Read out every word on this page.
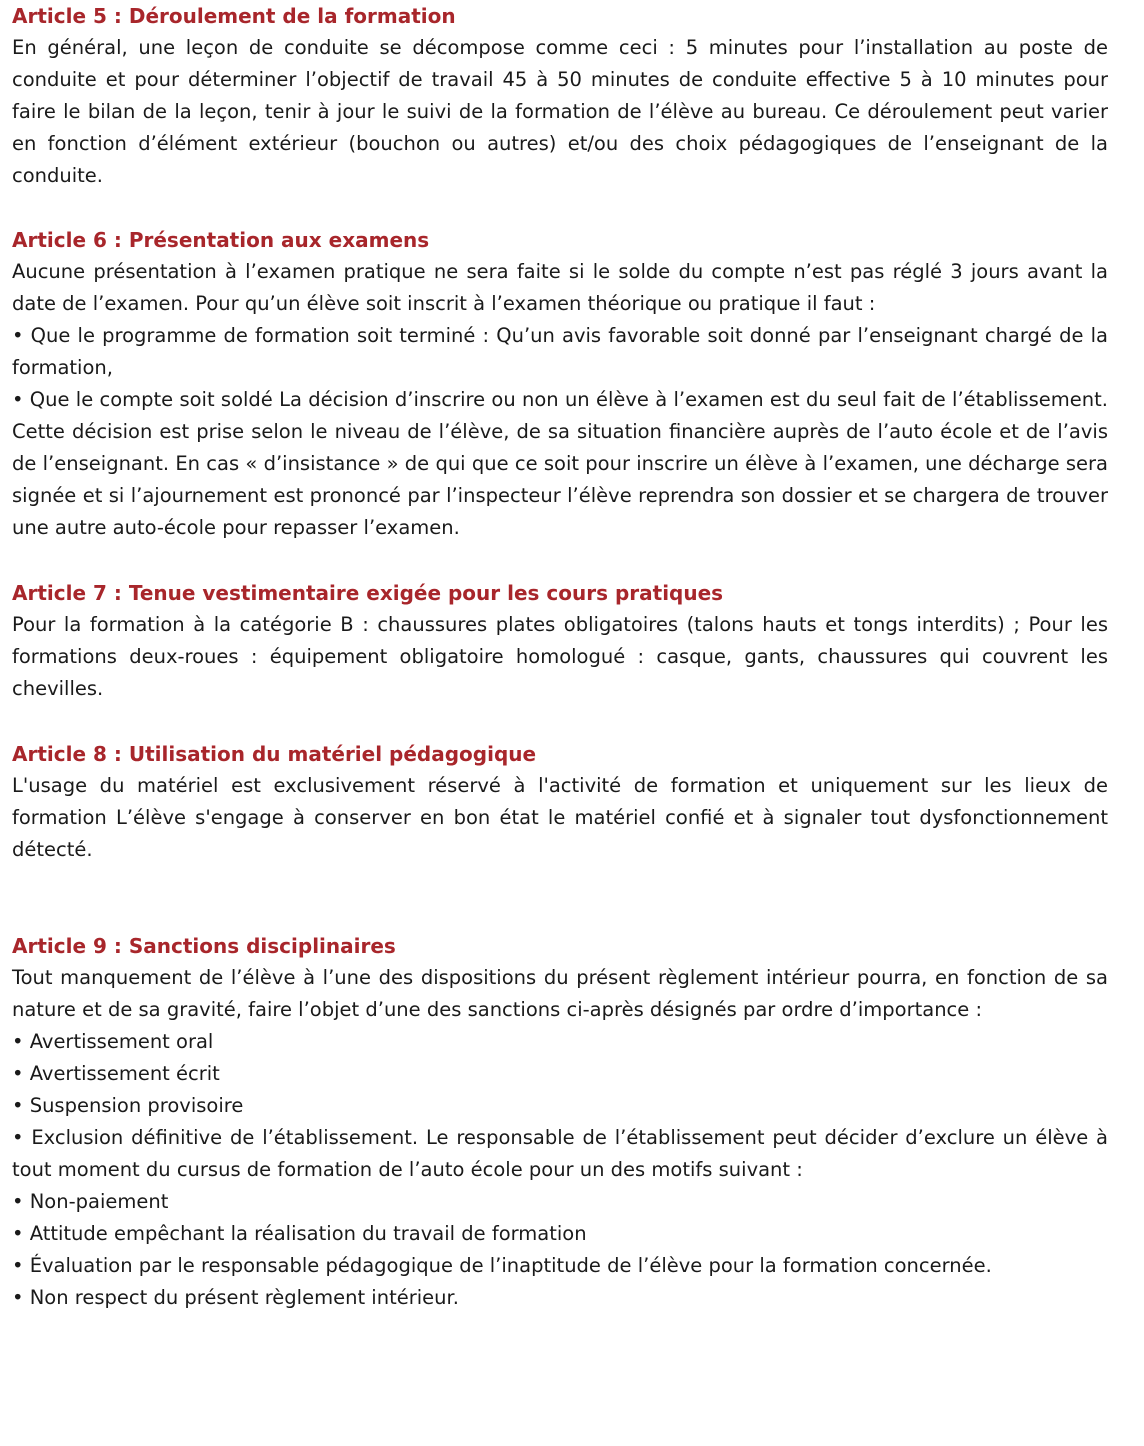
Article 5 : Déroulement de la formation

En général, une leçon de conduite se décompose comme ceci : 5 minutes pour l’installation au poste de conduite et pour déterminer l’objectif de travail 45 à 50 minutes de conduite effective 5 à 10 minutes pour faire le bilan de la leçon, tenir à jour le suivi de la formation de l’élève au bureau. Ce déroulement peut varier en fonction d’élément extérieur (bouchon ou autres) et/ou des choix pédagogiques de l’enseignant de la conduite.

Article 6 : Présentation aux examens

Aucune présentation à l’examen pratique ne sera faite si le solde du compte n’est pas réglé 3 jours avant la date de l’examen. Pour qu’un élève soit inscrit à l’examen théorique ou pratique il faut :

• Que le programme de formation soit terminé : Qu’un avis favorable soit donné par l’enseignant chargé de la formation,

• Que le compte soit soldé La décision d’inscrire ou non un élève à l’examen est du seul fait de l’établissement. Cette décision est prise selon le niveau de l’élève, de sa situation financière auprès de l’auto école et de l’avis de l’enseignant. En cas « d’insistance » de qui que ce soit pour inscrire un élève à l’examen, une décharge sera signée et si l’ajournement est prononcé par l’inspecteur l’élève reprendra son dossier et se chargera de trouver une autre auto-école pour repasser l’examen.

Article 7 : Tenue vestimentaire exigée pour les cours pratiques

Pour la formation à la catégorie B : chaussures plates obligatoires (talons hauts et tongs interdits) ; Pour les formations deux-roues : équipement obligatoire homologué : casque, gants, chaussures qui couvrent les chevilles.

Article 8 : Utilisation du matériel pédagogique

L'usage du matériel est exclusivement réservé à l'activité de formation et uniquement sur les lieux de formation L’élève s'engage à conserver en bon état le matériel confié et à signaler tout dysfonctionnement détecté.

Article 9 : Sanctions disciplinaires

Tout manquement de l’élève à l’une des dispositions du présent règlement intérieur pourra, en fonction de sa nature et de sa gravité, faire l’objet d’une des sanctions ci-après désignés par ordre d’importance :

• Avertissement oral

• Avertissement écrit

• Suspension provisoire

• Exclusion définitive de l’établissement. Le responsable de l’établissement peut décider d’exclure un élève à tout moment du cursus de formation de l’auto école pour un des motifs suivant :

• Non-paiement

• Attitude empêchant la réalisation du travail de formation

• Évaluation par le responsable pédagogique de l’inaptitude de l’élève pour la formation concernée.

• Non respect du présent règlement intérieur.
